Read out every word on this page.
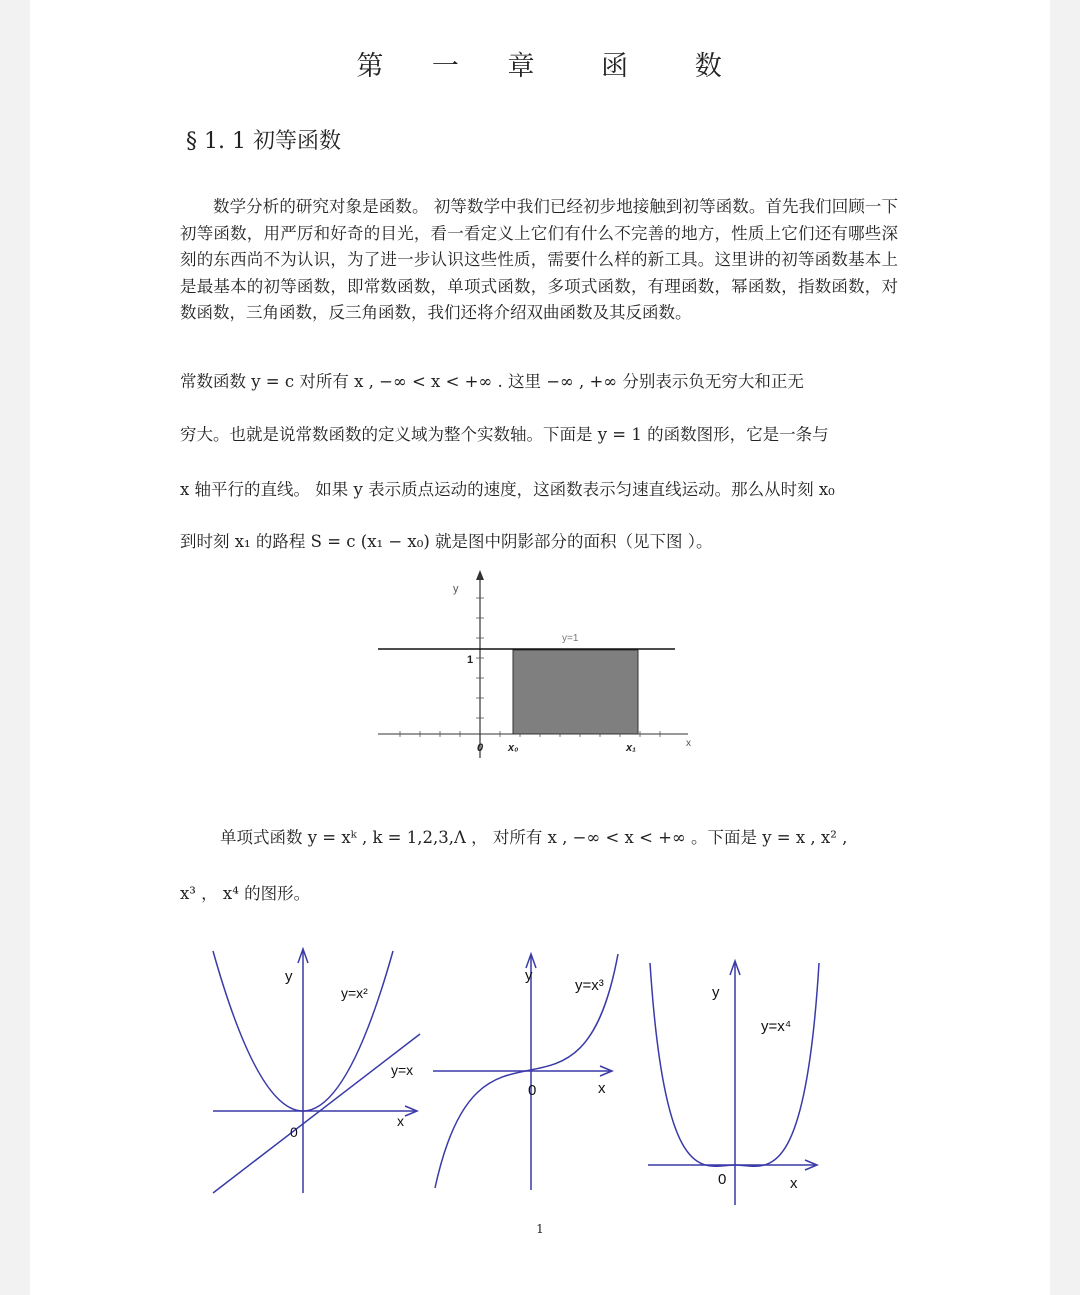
第 一 章 函 数
§ 1. 1 初等函数

数学分析的研究对象是函数。 初等数学中我们已经初步地接触到初等函数。首先我们回顾一下初等函数，用严厉和好奇的目光，看一看定义上它们有什么不完善的地方，性质上它们还有哪些深刻的东西尚不为认识，为了进一步认识这些性质，需要什么样的新工具。这里讲的初等函数基本上是最基本的初等函数，即常数函数，单项式函数，多项式函数，有理函数，幂函数，指数函数，对数函数，三角函数，反三角函数，我们还将介绍双曲函数及其反函数。

常数函数 y = c 对所有 x , −∞ < x < +∞ . 这里 −∞ , +∞ 分别表示负无穷大和正无
穷大。也就是说常数函数的定义域为整个实数轴。下面是 y = 1 的函数图形，它是一条与
x 轴平行的直线。 如果 y 表示质点运动的速度，这函数表示匀速直线运动。那么从时刻 x₀
到时刻 x₁ 的路程 S = c (x₁ − x₀) 就是图中阴影部分的面积（见下图 ）。
y
x
y=1
1
0 x₀	x₁
单项式函数 y = xᵏ , k = 1,2,3,Λ ， 对所有 x , −∞ < x < +∞ 。下面是 y = x , x² ,
x³ ， x⁴ 的图形。
y
x
0
y=x²
y=x
y
x
0
y=x³	y
x
0
y=x⁴
1
